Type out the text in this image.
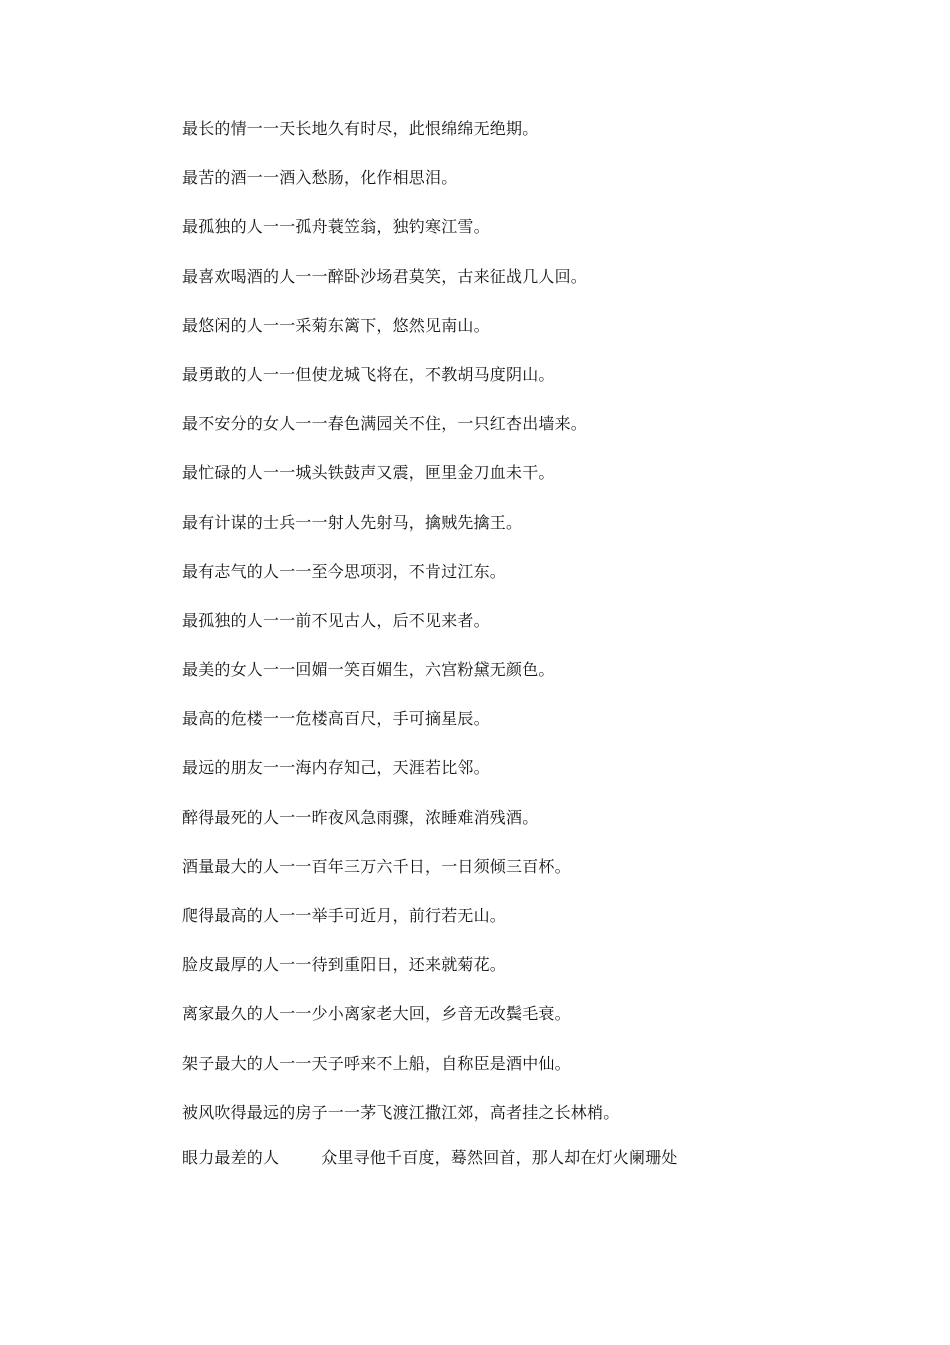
最长的情一一天长地久有时尽，此恨绵绵无绝期。
最苦的酒一一酒入愁肠，化作相思泪。
最孤独的人一一孤舟蓑笠翁，独钓寒江雪。
最喜欢喝酒的人一一醉卧沙场君莫笑，古来征战几人回。
最悠闲的人一一采菊东篱下，悠然见南山。
最勇敢的人一一但使龙城飞将在，不教胡马度阴山。
最不安分的女人一一春色满园关不住，一只红杏出墙来。
最忙碌的人一一城头铁鼓声又震，匣里金刀血未干。
最有计谋的士兵一一射人先射马，擒贼先擒王。
最有志气的人一一至今思项羽，不肯过江东。
最孤独的人一一前不见古人，后不见来者。
最美的女人一一回媚一笑百媚生，六宫粉黛无颜色。
最高的危楼一一危楼高百尺，手可摘星辰。
最远的朋友一一海内存知己，天涯若比邻。
醉得最死的人一一昨夜风急雨骤，浓睡难消残酒。
酒量最大的人一一百年三万六千日，一日须倾三百杯。
爬得最高的人一一举手可近月，前行若无山。
脸皮最厚的人一一待到重阳日，还来就菊花。
离家最久的人一一少小离家老大回，乡音无改鬓毛衰。
架子最大的人一一天子呼来不上船，自称臣是酒中仙。
被风吹得最远的房子一一茅飞渡江撒江郊，高者挂之长林梢。
眼力最差的人	众里寻他千百度，蓦然回首，那人却在灯火阑珊处
